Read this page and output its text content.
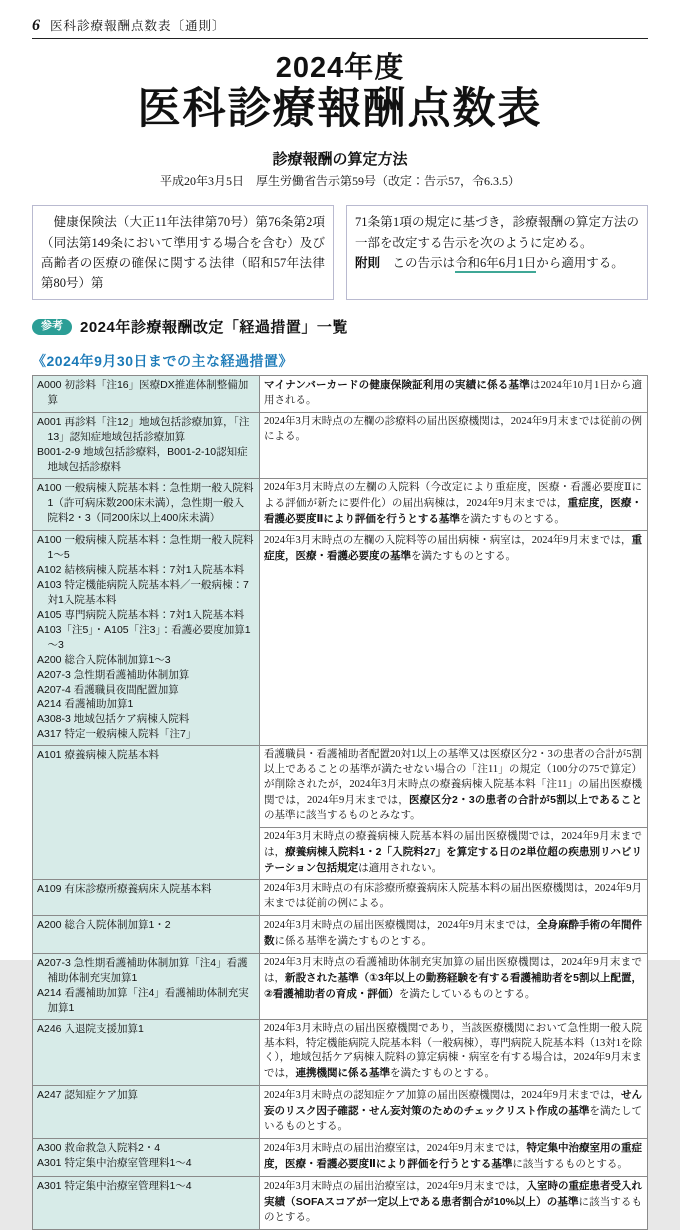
6 医科診療報酬点数表〔通則〕
2024年度
医科診療報酬点数表
診療報酬の算定方法
平成20年3月5日　厚生労働省告示第59号（改定：告示57，令6.3.5）
　健康保険法（大正11年法律第70号）第76条第2項（同法第149条において準用する場合を含む）及び高齢者の医療の確保に関する法律（昭和57年法律第80号）第
71条第1項の規定に基づき，診療報酬の算定方法の一部を改定する告示を次のように定める。
附則　この告示は令和6年6月1日から適用する。
参考	2024年診療報酬改定「経過措置」一覧
《2024年9月30日までの主な経過措置》
A000 初診料「注16」医療DX推進体制整備加算	マイナンバーカードの健康保険証利用の実績に係る基準は2024年10月1日から適用される。

A001 再診料「注12」地域包括診療加算，「注13」認知症地域包括診療加算
B001-2-9 地域包括診療料，B001-2-10認知症地域包括診療料	2024年3月末時点の左欄の診療料の届出医療機関は，2024年9月末までは従前の例による。

A100 一般病棟入院基本料：急性期一般入院料1（許可病床数200床未満），急性期一般入院料2・3（同200床以上400床未満）	2024年3月末時点の左欄の入院料（今改定により重症度，医療・看護必要度Ⅱによる評価が新たに要件化）の届出病棟は，2024年9月末までは，重症度，医療・看護必要度Ⅱにより評価を行うとする基準を満たすものとする。

A100 一般病棟入院基本料：急性期一般入院料1～5
A102 結核病棟入院基本料：7対1入院基本料
A103 特定機能病院入院基本料／一般病棟：7対1入院基本料
A105 専門病院入院基本料：7対1入院基本料
A103「注5」・A105「注3」：看護必要度加算1～3
A200 総合入院体制加算1～3
A207-3 急性期看護補助体制加算
A207-4 看護職員夜間配置加算
A214 看護補助加算1
A308-3 地域包括ケア病棟入院料
A317 特定一般病棟入院料「注7」
	2024年3月末時点の左欄の入院料等の届出病棟・病室は，2024年9月末までは，重症度，医療・看護必要度の基準を満たすものとする。

A101 療養病棟入院基本料	看護職員・看護補助者配置20対1以上の基準又は医療区分2・3の患者の合計が5割以上であることの基準が満たせない場合の「注11」の規定（100分の75で算定）が削除されたが，2024年3月末時点の療養病棟入院基本料「注11」の届出医療機関では，2024年9月末までは，医療区分2・3の患者の合計が5割以上であることの基準に該当するものとみなす。
	2024年3月末時点の療養病棟入院基本料の届出医療機関では，2024年9月末までは，療養病棟入院料1・2「入院料27」を算定する日の2単位超の疾患別リハビリテーション包括規定は適用されない。

A109 有床診療所療養病床入院基本料	2024年3月末時点の有床診療所療養病床入院基本料の届出医療機関は，2024年9月末までは従前の例による。

A200 総合入院体制加算1・2	2024年3月末時点の届出医療機関は，2024年9月末までは，全身麻酔手術の年間件数に係る基準を満たすものとする。

A207-3 急性期看護補助体制加算「注4」看護補助体制充実加算1
A214 看護補助加算「注4」看護補助体制充実加算1	2024年3月末時点の看護補助体制充実加算の届出医療機関は，2024年9月末までは，新設された基準（①3年以上の勤務経験を有する看護補助者を5割以上配置，②看護補助者の育成・評価）を満たしているものとする。

A246 入退院支援加算1	2024年3月末時点の届出医療機関であり，当該医療機関において急性期一般入院基本料，特定機能病院入院基本料（一般病棟），専門病院入院基本料（13対1を除く），地域包括ケア病棟入院料の算定病棟・病室を有する場合は，2024年9月末までは，連携機関に係る基準を満たすものとする。

A247 認知症ケア加算	2024年3月末時点の認知症ケア加算の届出医療機関は，2024年9月末までは，せん妄のリスク因子確認・せん妄対策のためのチェックリスト作成の基準を満たしているものとする。

A300 救命救急入院料2・4
A301 特定集中治療室管理料1～4	2024年3月末時点の届出治療室は，2024年9月末までは，特定集中治療室用の重症度，医療・看護必要度Ⅱにより評価を行うとする基準に該当するものとする。

A301 特定集中治療室管理料1～4	2024年3月末時点の届出治療室は，2024年9月末までは，入室時の重症患者受入れ実績（SOFAスコアが一定以上である患者割合が10%以上）の基準に該当するものとする。
